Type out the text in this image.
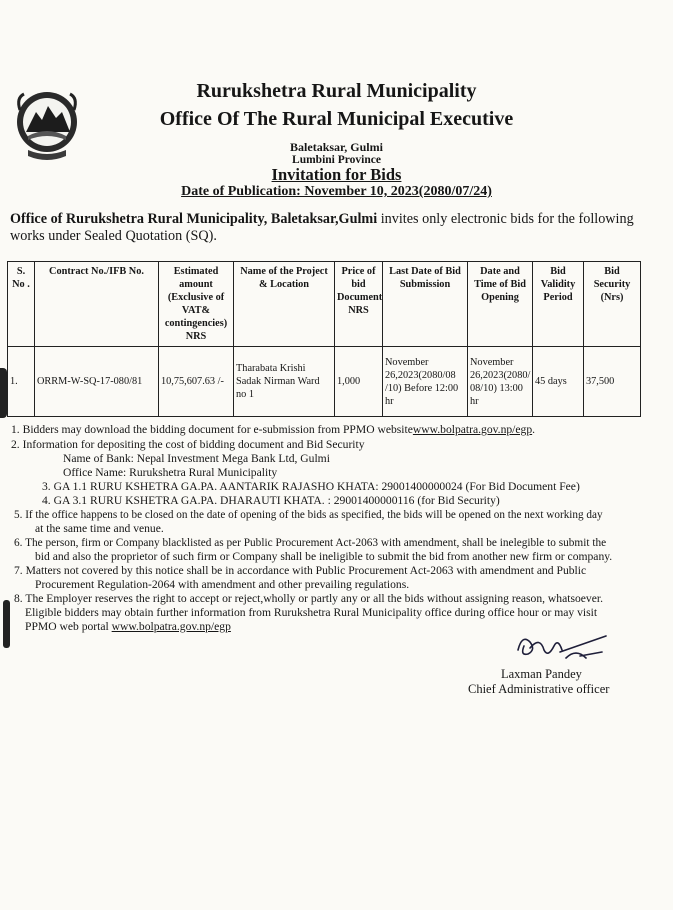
Rurukshetra Rural Municipality
Office Of The Rural Municipal Executive
Baletaksar, Gulmi
Lumbini Province
Invitation for Bids
Date of Publication: November 10, 2023(2080/07/24)
Office of Rurukshetra Rural Municipality, Baletaksar,Gulmi invites only electronic bids for the following
works under Sealed Quotation (SQ).
S. No .	Contract No./IFB No.	Estimated amount (Exclusive of VAT& contingencies) NRS	Name of the Project & Location	Price of bid Document NRS	Last Date of Bid Submission	Date and Time of Bid Opening	Bid Validity Period	Bid Security (Nrs)
1.	ORRM-W-SQ-17-080/81	10,75,607.63 /-	Tharabata Krishi Sadak Nirman Ward no 1	1,000	November 26,2023(2080/08 /10) Before 12:00 hr	November 26,2023(2080/ 08/10) 13:00 hr	45 days	37,500
1. Bidders may download the bidding document for e-submission from PPMO websitewww.bolpatra.gov.np/egp.
2. Information for depositing the cost of bidding document and Bid Security
Name of Bank: Nepal Investment Mega Bank Ltd, Gulmi
Office Name: Rurukshetra Rural Municipality
3. GA 1.1 RURU KSHETRA GA.PA. AANTARIK RAJASHO KHATA: 29001400000024 (For Bid Document Fee)
4. GA 3.1 RURU KSHETRA GA.PA. DHARAUTI KHATA. : 29001400000116 (for Bid Security)
5. If the office happens to be closed on the date of opening of the bids as specified, the bids will be opened on the next working day
at the same time and venue.
6. The person, firm or Company blacklisted as per Public Procurement Act-2063 with amendment, shall be inelegible to submit the
bid and also the proprietor of such firm or Company shall be ineligible to submit the bid from another new firm or company.
7. Matters not covered by this notice shall be in accordance with Public Procurement Act-2063 with amendment and Public
Procurement Regulation-2064 with amendment and other prevailing regulations.
8. The Employer reserves the right to accept or reject,wholly or partly any or all the bids without assigning reason, whatsoever.
Eligible bidders may obtain further information from Rurukshetra Rural Municipality office during office hour or may visit
PPMO web portal www.bolpatra.gov.np/egp
Laxman Pandey
Chief Administrative officer
